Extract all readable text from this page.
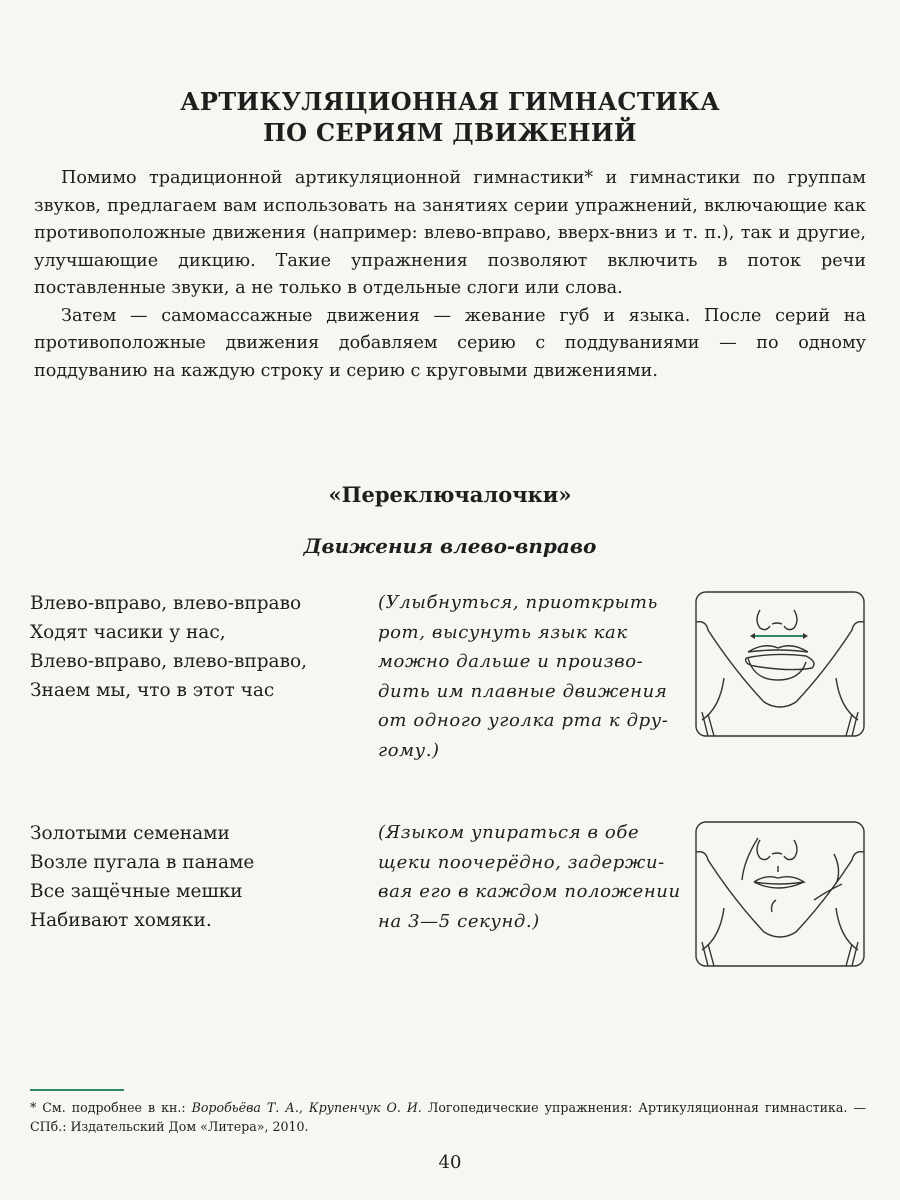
АРТИКУЛЯЦИОННАЯ ГИМНАСТИКА
ПО СЕРИЯМ ДВИЖЕНИЙ

Помимо традиционной артикуляционной гимнастики* и гимнастики по группам звуков, предлагаем вам использовать на занятиях серии упражнений, включающие как противоположные движения (например: влево-вправо, вверх-вниз и т. п.), так и другие, улучшающие дикцию. Такие упражнения позволяют включить в поток речи поставленные звуки, а не только в отдельные слоги или слова.

Затем — самомассажные движения — жевание губ и языка. После серий на противоположные движения добавляем серию с поддуваниями — по одному поддуванию на каждую строку и серию с круговыми движениями.

«Переключалочки»
Движения влево-вправо
Влево-вправо, влево-вправо
Ходят часики у нас,
Влево-вправо, влево-вправо,
Знаем мы, что в этот час
(Улыбнуться, приоткрыть
рот, высунуть язык как
можно дальше и произво-
дить им плавные движения
от одного уголка рта к дру-
гому.)
Золотыми семенами
Возле пугала в панаме
Все защёчные мешки
Набивают хомяки.
(Языком упираться в обе
щеки поочерёдно, задержи-
вая его в каждом положении
на 3—5 секунд.)
* См. подробнее в кн.: Воробьёва Т. А., Крупенчук О. И. Логопедические упражнения: Артикуляционная гимнастика. — СПб.: Издательский Дом «Литера», 2010.
40
